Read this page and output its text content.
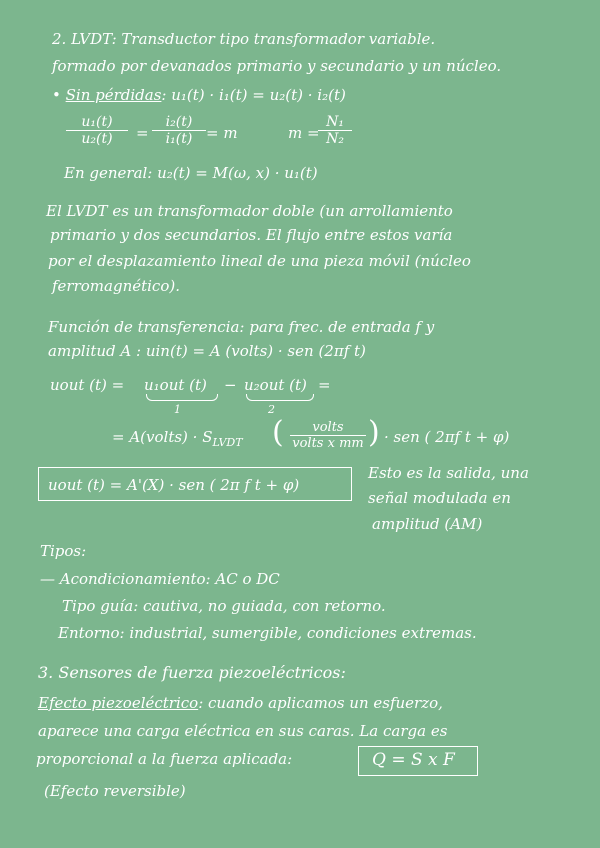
2. LVDT: Transductor tipo transformador variable.
formado por devanados primario y secundario y un núcleo.
• Sin pérdidas: u₁(t) · i₁(t) = u₂(t) · i₂(t)
$\frac{\text{u₁(t)}}{\text{u₂(t)}} = \frac{\text{i₂(t)}}{\text{i₁(t)}} = m$	m =
$\frac{\text{N₁}}{\text{N₂}}$
En general: u₂(t) = M(ω, x) · u₁(t)
El LVDT es un transformador doble (un arrollamiento
primario y dos secundarios. El flujo entre estos varía
por el desplazamiento lineal de una pieza móvil (núcleo
ferromagnético).
Función de transferencia: para frec. de entrada f y
amplitud A : uin(t) = A (volts) · sen (2πf t)
uout (t) = u₁out (t) − u₂out (t) =
1	2
= A(volts) · $S_{LVDT}$ (	volts
volts x mm ) · sen ( 2πf t + φ)
uout (t) = A'(X) · sen ( 2π f t + φ)
Esto es la salida, una
señal modulada en
amplitud (AM)
Tipos:
— Acondicionamiento: AC o DC
Tipo guía: cautiva, no guiada, con retorno.
Entorno: industrial, sumergible, condiciones extremas.
3. Sensores de fuerza piezoeléctricos:
Efecto piezoeléctrico: cuando aplicamos un esfuerzo,
aparece una carga eléctrica en sus caras. La carga es
proporcional a la fuerza aplicada:	Q = S x F
(Efecto reversible)
